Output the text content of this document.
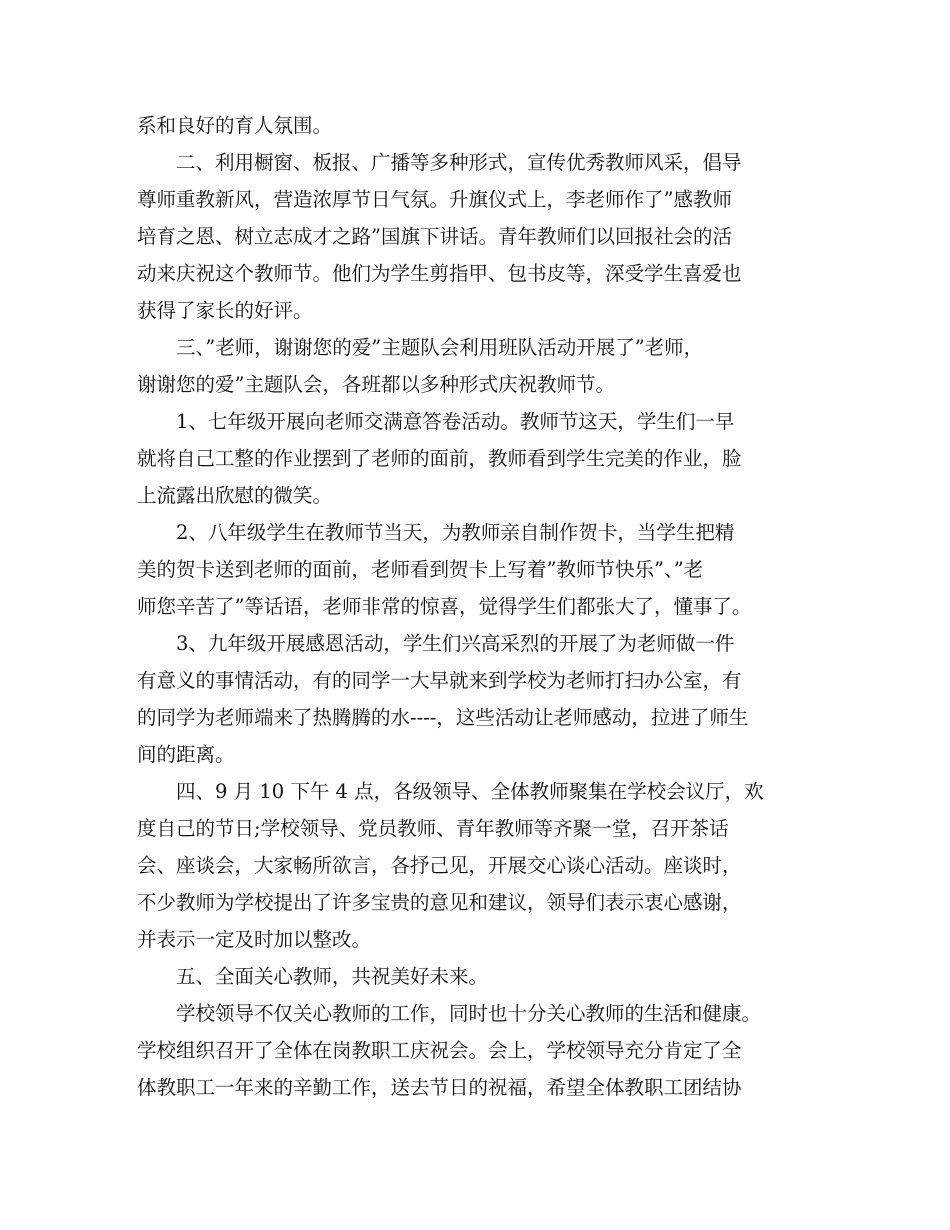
系和良好的育人氛围。
二、利用橱窗、板报、广播等多种形式，宣传优秀教师风采，倡导
尊师重教新风，营造浓厚节日气氛。升旗仪式上，李老师作了”感教师
培育之恩、树立志成才之路”国旗下讲话。青年教师们以回报社会的活
动来庆祝这个教师节。他们为学生剪指甲、包书皮等，深受学生喜爱也
获得了家长的好评。
三、”老师，谢谢您的爱”主题队会利用班队活动开展了”老师，
谢谢您的爱”主题队会，各班都以多种形式庆祝教师节。
1、七年级开展向老师交满意答卷活动。教师节这天，学生们一早
就将自己工整的作业摆到了老师的面前，教师看到学生完美的作业，脸
上流露出欣慰的微笑。
2、八年级学生在教师节当天，为教师亲自制作贺卡，当学生把精
美的贺卡送到老师的面前，老师看到贺卡上写着”教师节快乐”、”老
师您辛苦了”等话语，老师非常的惊喜，觉得学生们都张大了，懂事了。
3、九年级开展感恩活动，学生们兴高采烈的开展了为老师做一件
有意义的事情活动，有的同学一大早就来到学校为老师打扫办公室，有
的同学为老师端来了热腾腾的水----，这些活动让老师感动，拉进了师生
间的距离。
四、9 月 10 下午 4 点，各级领导、全体教师聚集在学校会议厅，欢
度自己的节日;学校领导、党员教师、青年教师等齐聚一堂，召开茶话
会、座谈会，大家畅所欲言，各抒己见，开展交心谈心活动。座谈时，
不少教师为学校提出了许多宝贵的意见和建议，领导们表示衷心感谢，
并表示一定及时加以整改。
五、全面关心教师，共祝美好未来。
学校领导不仅关心教师的工作，同时也十分关心教师的生活和健康。
学校组织召开了全体在岗教职工庆祝会。会上，学校领导充分肯定了全
体教职工一年来的辛勤工作，送去节日的祝福，希望全体教职工团结协
